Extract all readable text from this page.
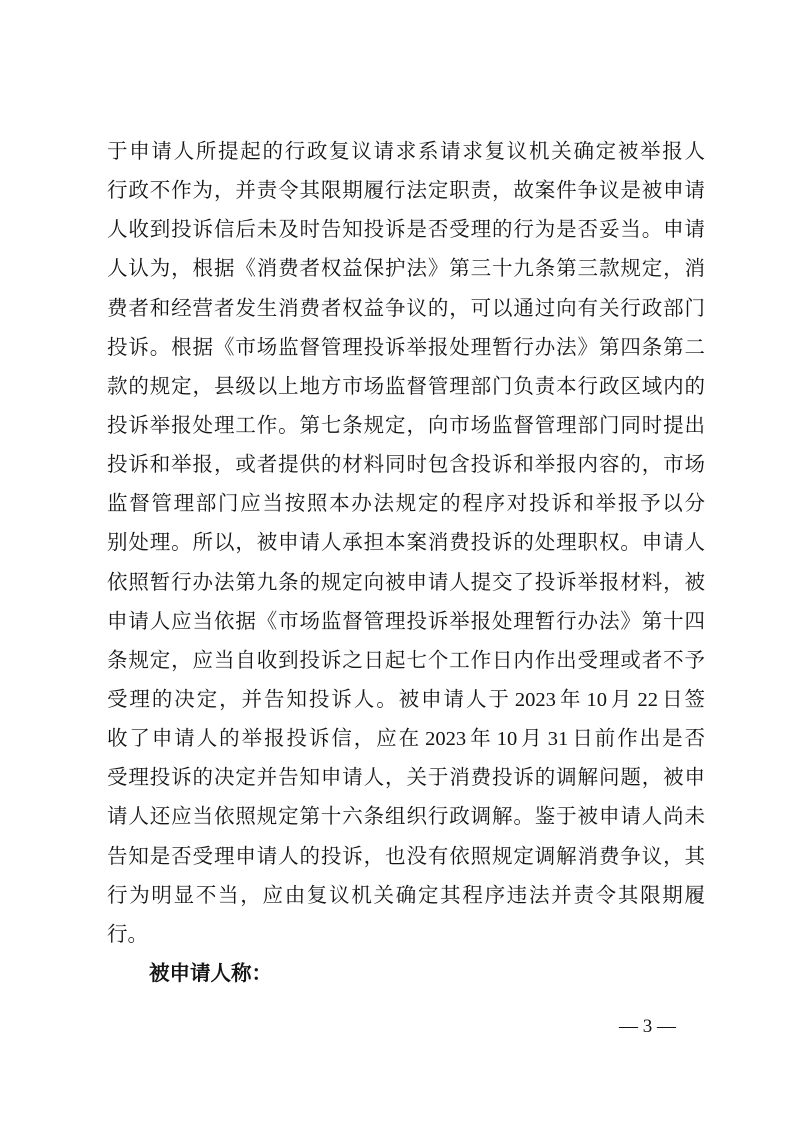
于申请人所提起的行政复议请求系请求复议机关确定被举报人
行政不作为，并责令其限期履行法定职责，故案件争议是被申请
人收到投诉信后未及时告知投诉是否受理的行为是否妥当。申请
人认为，根据《消费者权益保护法》第三十九条第三款规定，消
费者和经营者发生消费者权益争议的，可以通过向有关行政部门
投诉。根据《市场监督管理投诉举报处理暂行办法》第四条第二
款的规定，县级以上地方市场监督管理部门负责本行政区域内的
投诉举报处理工作。第七条规定，向市场监督管理部门同时提出
投诉和举报，或者提供的材料同时包含投诉和举报内容的，市场
监督管理部门应当按照本办法规定的程序对投诉和举报予以分
别处理。所以，被申请人承担本案消费投诉的处理职权。申请人
依照暂行办法第九条的规定向被申请人提交了投诉举报材料，被
申请人应当依据《市场监督管理投诉举报处理暂行办法》第十四
条规定，应当自收到投诉之日起七个工作日内作出受理或者不予
受理的决定，并告知投诉人。被申请人于 2023 年 10 月 22 日签
收了申请人的举报投诉信，应在 2023 年 10 月 31 日前作出是否
受理投诉的决定并告知申请人，关于消费投诉的调解问题，被申
请人还应当依照规定第十六条组织行政调解。鉴于被申请人尚未
告知是否受理申请人的投诉，也没有依照规定调解消费争议，其
行为明显不当，应由复议机关确定其程序违法并责令其限期履
行。
被申请人称：
— 3 —
